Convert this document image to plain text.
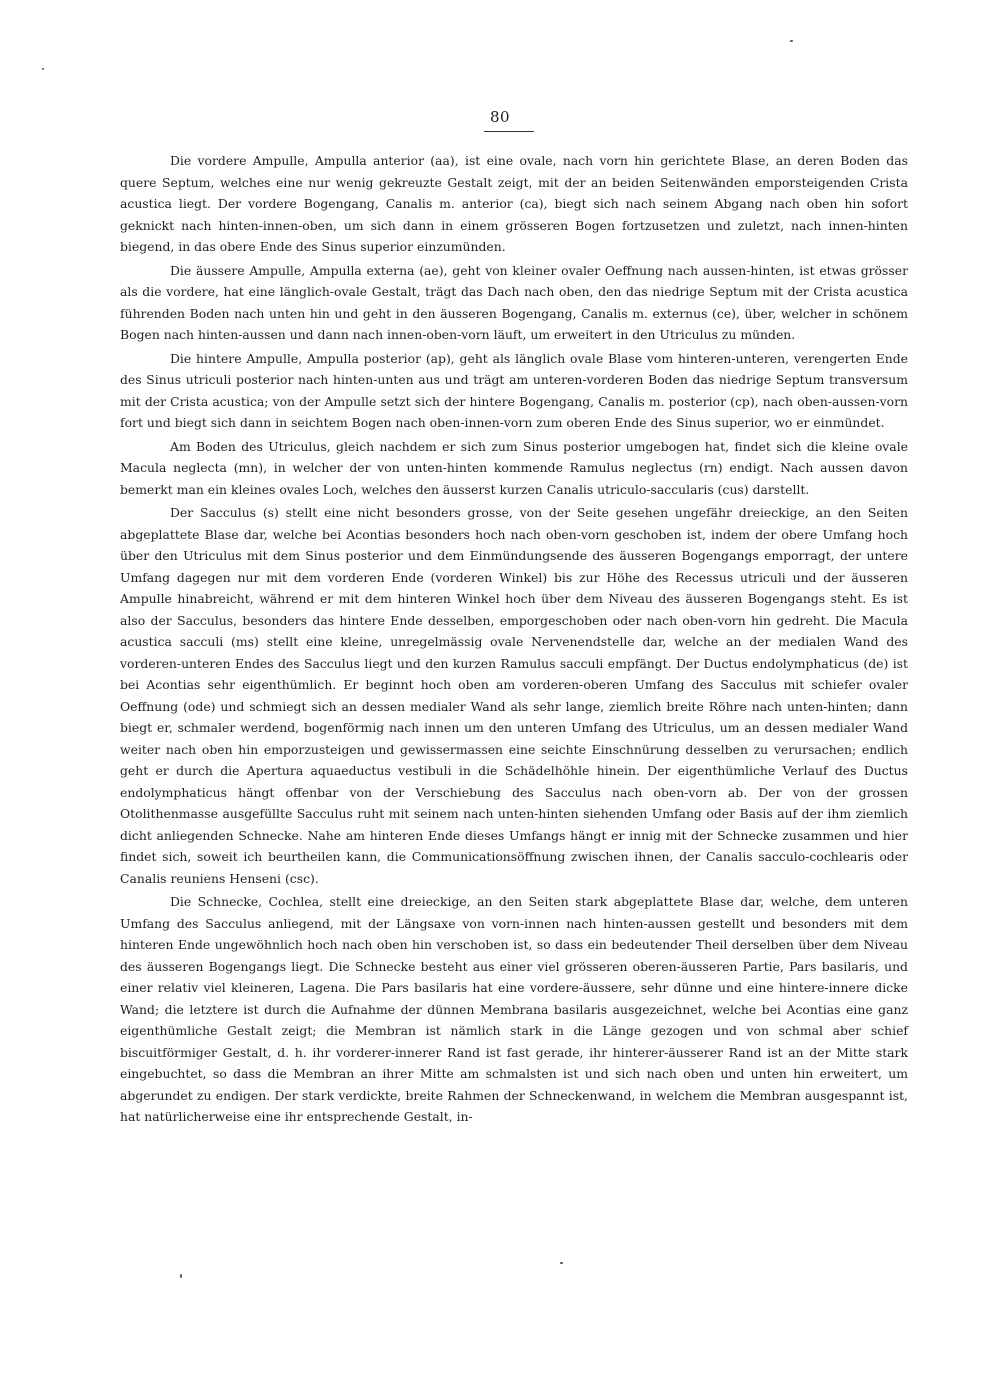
80

Die vordere Ampulle, Ampulla anterior (aa), ist eine ovale, nach vorn hin gerichtete Blase, an deren Boden das quere Septum, welches eine nur wenig gekreuzte Gestalt zeigt, mit der an beiden Seitenwänden emporsteigenden Crista acustica liegt. Der vordere Bogengang, Canalis m. anterior (ca), biegt sich nach seinem Abgang nach oben hin sofort geknickt nach hinten-innen-oben, um sich dann in einem grösseren Bogen fortzusetzen und zuletzt, nach innen-hinten biegend, in das obere Ende des Sinus superior einzumünden.

Die äussere Ampulle, Ampulla externa (ae), geht von kleiner ovaler Oeffnung nach aussen-hinten, ist etwas grösser als die vordere, hat eine länglich-ovale Gestalt, trägt das Dach nach oben, den das niedrige Septum mit der Crista acustica führenden Boden nach unten hin und geht in den äusseren Bogengang, Canalis m. externus (ce), über, welcher in schönem Bogen nach hinten-aussen und dann nach innen-oben-vorn läuft, um erweitert in den Utriculus zu münden.

Die hintere Ampulle, Ampulla posterior (ap), geht als länglich ovale Blase vom hinteren-unteren, verengerten Ende des Sinus utriculi posterior nach hinten-unten aus und trägt am unteren-vorderen Boden das niedrige Septum transversum mit der Crista acustica; von der Ampulle setzt sich der hintere Bogengang, Canalis m. posterior (cp), nach oben-aussen-vorn fort und biegt sich dann in seichtem Bogen nach oben-innen-vorn zum oberen Ende des Sinus superior, wo er einmündet.

Am Boden des Utriculus, gleich nachdem er sich zum Sinus posterior umgebogen hat, findet sich die kleine ovale Macula neglecta (mn), in welcher der von unten-hinten kommende Ramulus neglectus (rn) endigt. Nach aussen davon bemerkt man ein kleines ovales Loch, welches den äusserst kurzen Canalis utriculo-saccularis (cus) darstellt.

Der Sacculus (s) stellt eine nicht besonders grosse, von der Seite gesehen ungefähr dreieckige, an den Seiten abgeplattete Blase dar, welche bei Acontias besonders hoch nach oben-vorn geschoben ist, indem der obere Umfang hoch über den Utriculus mit dem Sinus posterior und dem Einmündungsende des äusseren Bogengangs emporragt, der untere Umfang dagegen nur mit dem vorderen Ende (vorderen Winkel) bis zur Höhe des Recessus utriculi und der äusseren Ampulle hinabreicht, während er mit dem hinteren Winkel hoch über dem Niveau des äusseren Bogengangs steht. Es ist also der Sacculus, besonders das hintere Ende desselben, emporgeschoben oder nach oben-vorn hin gedreht. Die Macula acustica sacculi (ms) stellt eine kleine, unregelmässig ovale Nervenendstelle dar, welche an der medialen Wand des vorderen-unteren Endes des Sacculus liegt und den kurzen Ramulus sacculi empfängt. Der Ductus endolymphaticus (de) ist bei Acontias sehr eigenthümlich. Er beginnt hoch oben am vorderen-oberen Umfang des Sacculus mit schiefer ovaler Oeffnung (ode) und schmiegt sich an dessen medialer Wand als sehr lange, ziemlich breite Röhre nach unten-hinten; dann biegt er, schmaler werdend, bogenförmig nach innen um den unteren Umfang des Utriculus, um an dessen medialer Wand weiter nach oben hin emporzusteigen und gewissermassen eine seichte Einschnürung desselben zu verursachen; endlich geht er durch die Apertura aquaeductus vestibuli in die Schädelhöhle hinein. Der eigenthümliche Verlauf des Ductus endolymphaticus hängt offenbar von der Verschiebung des Sacculus nach oben-vorn ab. Der von der grossen Otolithenmasse ausgefüllte Sacculus ruht mit seinem nach unten-hinten siehenden Umfang oder Basis auf der ihm ziemlich dicht anliegenden Schnecke. Nahe am hinteren Ende dieses Umfangs hängt er innig mit der Schnecke zusammen und hier findet sich, soweit ich beurtheilen kann, die Communicationsöffnung zwischen ihnen, der Canalis sacculo-cochlearis oder Canalis reuniens Henseni (csc).

Die Schnecke, Cochlea, stellt eine dreieckige, an den Seiten stark abgeplattete Blase dar, welche, dem unteren Umfang des Sacculus anliegend, mit der Längsaxe von vorn-innen nach hinten-aussen gestellt und besonders mit dem hinteren Ende ungewöhnlich hoch nach oben hin verschoben ist, so dass ein bedeutender Theil derselben über dem Niveau des äusseren Bogengangs liegt. Die Schnecke besteht aus einer viel grösseren oberen-äusseren Partie, Pars basilaris, und einer relativ viel kleineren, Lagena. Die Pars basilaris hat eine vordere-äussere, sehr dünne und eine hintere-innere dicke Wand; die letztere ist durch die Aufnahme der dünnen Membrana basilaris ausgezeichnet, welche bei Acontias eine ganz eigenthümliche Gestalt zeigt; die Membran ist nämlich stark in die Länge gezogen und von schmal aber schief biscuitförmiger Gestalt, d. h. ihr vorderer-innerer Rand ist fast gerade, ihr hinterer-äusserer Rand ist an der Mitte stark eingebuchtet, so dass die Membran an ihrer Mitte am schmalsten ist und sich nach oben und unten hin erweitert, um abgerundet zu endigen. Der stark verdickte, breite Rahmen der Schneckenwand, in welchem die Membran ausgespannt ist, hat natürlicherweise eine ihr entsprechende Gestalt, in-
